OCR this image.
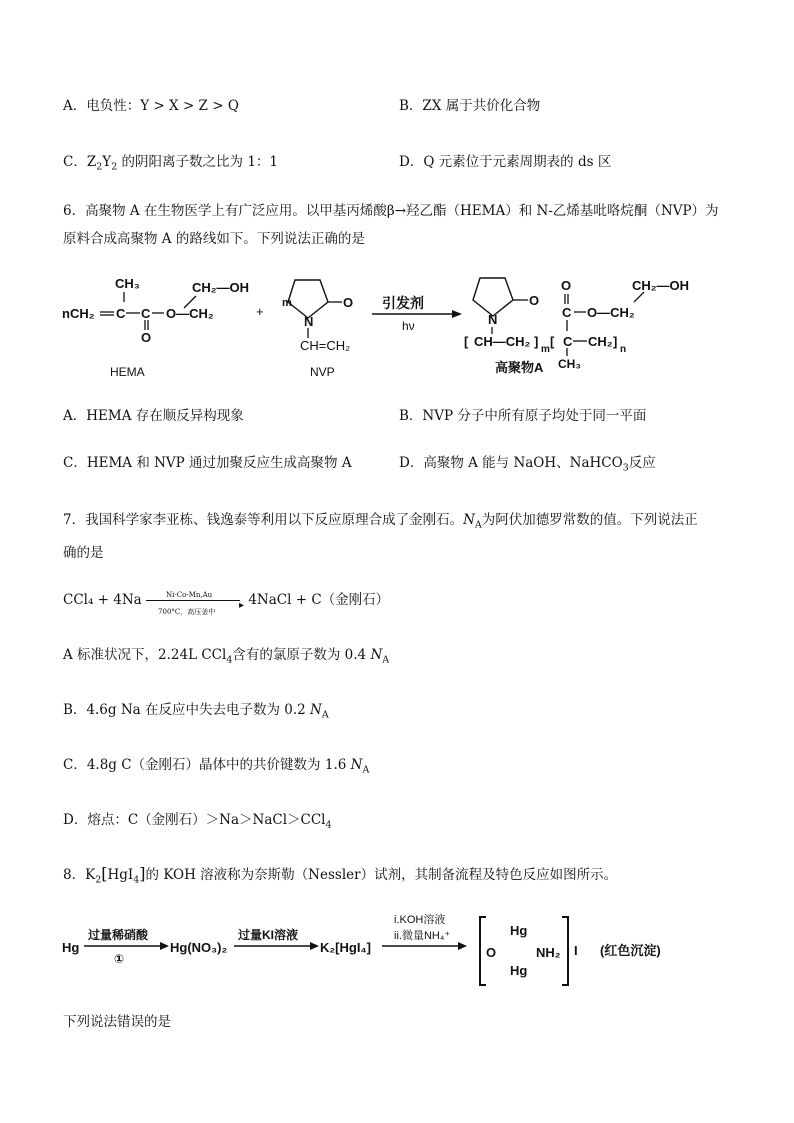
A．电负性：Y > X > Z > Q	B．ZX 属于共价化合物
C．$Z_2Y_2$ 的阴阳离子数之比为 1：1	D．Q 元素位于元素周期表的 ds 区
6．高聚物 A 在生物医学上有广泛应用。以甲基丙烯酸β→羟乙酯（HEMA）和 N-乙烯基吡咯烷酮（NVP）为
原料合成高聚物 A 的路线如下。下列说法正确的是
CH₃	CH₂—OH
nCH₂ C C
O
O—CH₂
HEMA
+
m
N
O
CH=CH₂
NVP
引发剂
hν
O
N
[ CH—CH₂ ]
m
[ C CH₂ ]
n
CH₃
C
O
O—CH₂
CH₂—OH
高聚物A
A．HEMA 存在顺反异构现象	B．NVP 分子中所有原子均处于同一平面
C．HEMA 和 NVP 通过加聚反应生成高聚物 A	D．高聚物 A 能与 NaOH、NaHCO$_3$反应
7．我国科学家李亚栋、钱逸泰等利用以下反应原理合成了金刚石。$N_A$为阿伏加德罗常数的值。下列说法正
确的是
CCl₄ + 4Na	Ni-Co-Mn,Au
▸
700°C，高压釜中
4NaCl + C（金刚石）
A 标准状况下，2.24L CCl$_4$含有的氯原子数为 0.4 $N_A$
B．4.6g Na 在反应中失去电子数为 0.2 $N_A$
C．4.8g C（金刚石）晶体中的共价键数为 1.6 $N_A$
D．熔点：C（金刚石）＞Na＞NaCl＞CCl$_4$
8．$K_2[HgI_4]$的 KOH 溶液称为奈斯勒（Nessler）试剂，其制备流程及特色反应如图所示。
Hg
过量稀硝酸
①
Hg(NO₃)₂
过量KI溶液
K₂[HgI₄]
i.KOH溶液
ii.微量NH₄⁺
O
Hg
Hg
NH₂ I (红色沉淀)
下列说法错误的是
